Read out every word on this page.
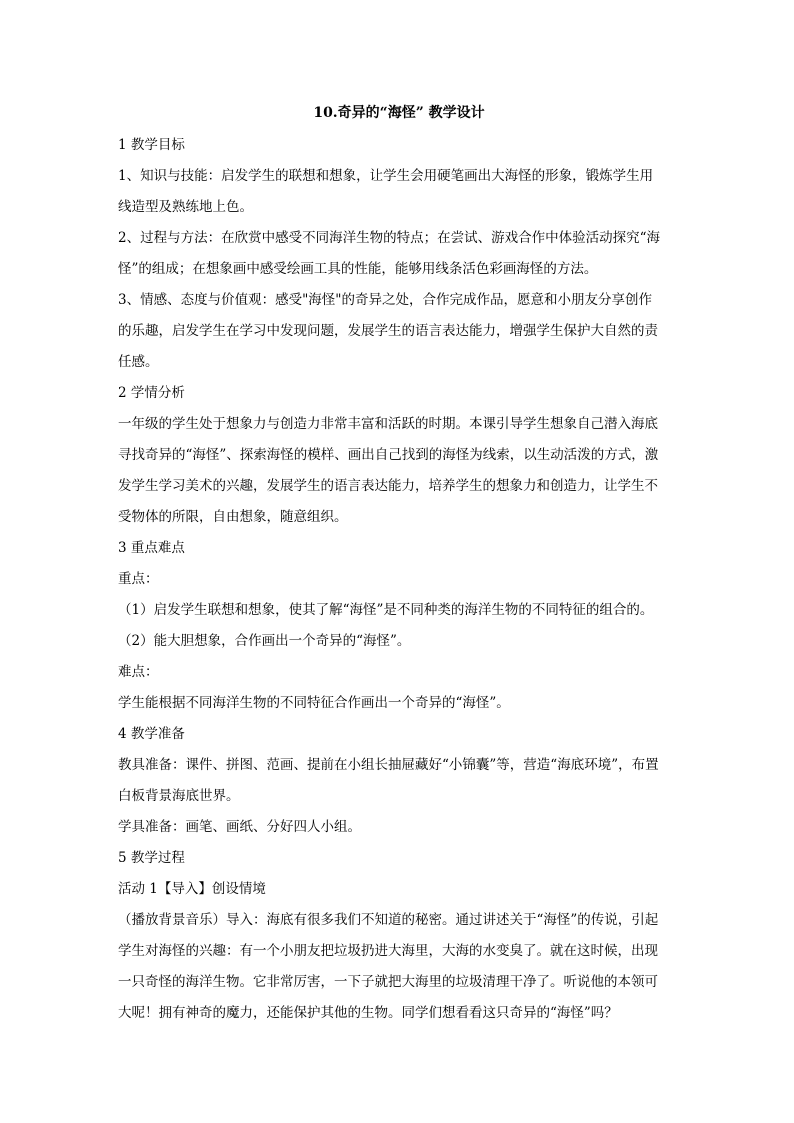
10.奇异的“海怪” 教学设计
1 教学目标
1、知识与技能：启发学生的联想和想象，让学生会用硬笔画出大海怪的形象，锻炼学生用
线造型及熟练地上色。
2、过程与方法：在欣赏中感受不同海洋生物的特点；在尝试、游戏合作中体验活动探究“海
怪”的组成；在想象画中感受绘画工具的性能，能够用线条活色彩画海怪的方法。
3、情感、态度与价值观：感受"海怪"的奇异之处，合作完成作品，愿意和小朋友分享创作
的乐趣，启发学生在学习中发现问题，发展学生的语言表达能力，增强学生保护大自然的责
任感。
2 学情分析
一年级的学生处于想象力与创造力非常丰富和活跃的时期。本课引导学生想象自己潜入海底
寻找奇异的“海怪”、探索海怪的模样、画出自己找到的海怪为线索，以生动活泼的方式，激
发学生学习美术的兴趣，发展学生的语言表达能力，培养学生的想象力和创造力，让学生不
受物体的所限，自由想象，随意组织。
3 重点难点
重点：
（1）启发学生联想和想象，使其了解“海怪”是不同种类的海洋生物的不同特征的组合的。
（2）能大胆想象，合作画出一个奇异的“海怪”。
难点：
学生能根据不同海洋生物的不同特征合作画出一个奇异的“海怪”。
4 教学准备
教具准备：课件、拼图、范画、提前在小组长抽屉藏好“小锦囊”等，营造“海底环境”，布置
白板背景海底世界。
学具准备：画笔、画纸、分好四人小组。
5 教学过程
活动 1【导入】创设情境
（播放背景音乐）导入：海底有很多我们不知道的秘密。通过讲述关于“海怪”的传说，引起
学生对海怪的兴趣：有一个小朋友把垃圾扔进大海里，大海的水变臭了。就在这时候，出现
一只奇怪的海洋生物。它非常厉害，一下子就把大海里的垃圾清理干净了。听说他的本领可
大呢！拥有神奇的魔力，还能保护其他的生物。同学们想看看这只奇异的“海怪”吗？
